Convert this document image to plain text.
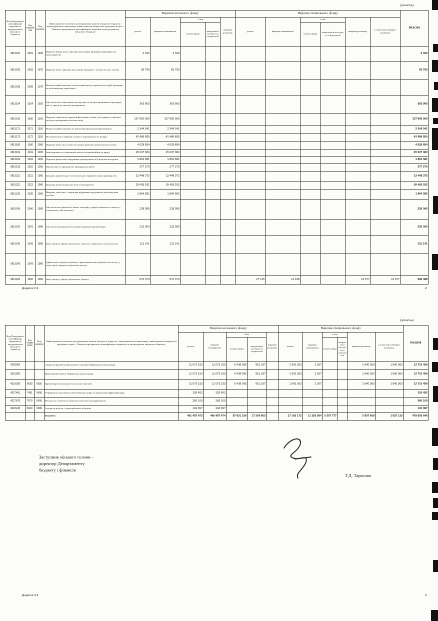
(гривень)
Код Програмної класифікації видатків та кредитування місцевого бюджету	Код ТПКВКМБ	Код ФКВКБ	Найменування головного розпорядника коштів місцевого бюджету / відповідального виконавця, найменування бюджетної програми згідно з Типовою програмною класифікацією видатків та кредитування місцевого бюджету	Видатки загального фонду					Видатки спеціального фонду						РАЗОМ

усього	видатки споживання	з них		видатки розвитку	усього	видатки споживання	з них		видатки розвитку	у тому числі бюджет розвитку	

оплата праці	комунальні послуги та енергоносії				оплата праці	комунальні послуги та енергоносії			

0813031	3031	1030	Надання інших пільг окремим категоріям громадян відповідно до законодавства	2 320	2 320										2 320

0813032	3032	1070	Надання пільг окремим категоріям громадян з оплати послуг зв'язку	65 790	65 790										65 790

0813035	3035	1070	Компенсаційні виплати за пільговий проїзд окремих категорій громадян на залізничному транспорті												

0813104	3104	1020	Забезпечення соціальними послугами за місцем проживання громадян, які не здатні до самообслуговування	363 900	363 900										363 900

0813160	3160	1010	Надання соціальних гарантій фізичним особам, які надають соціальні послуги громадянам похилого віку	137 900 000	137 900 000										137 900 000

0813171	3171	1010	Компенсаційна виплата на пільговий проїзд автотранспортом	2 344 541	2 344 541										2 344 541

0813172	3172	1010	Встановлення телефонів особам з інвалідністю I і II груп	42 486 850	42 486 850										42 486 850

0813180	3180	1060	Надання пільг населенню на оплату житлово-комунальних послуг	4 028 854	4 028 854										4 028 854

0813191	3191	1030	Інші видатки на соціальний захист ветеранів війни та праці	25 037 384	25 037 384										25 037 384

0813192	3192	1030	Надання фінансової підтримки громадським об'єднанням ветеранів	1 864 581	1 864 581										1 864 581

0813210	3210	1050	Організація та проведення громадських робіт	277 270	277 270										277 270

0813221	3221	1060	Грошова компенсація за належні для отримання жилі приміщення	12 448 372	12 448 372										12 448 372

0813222	3222	1060	Грошова компенсація для осіб з інвалідністю	26 493 532	26 493 532										26 493 532

0813230	3230	1060	Видатки, пов'язані з наданням підтримки внутрішньо переміщеним особам	1 864 582	1 864 582										1 864 582

0813240	3240	1090	Забезпечення діяльності інших закладів у сфері соціального захисту і соціального забезпечення	228 090	228 090										228 090

0813241	3241	1090	Забезпечення діяльності центрів соціальної реабілітації	232 000	232 000										232 000

0813242	3242	1090	Інші заходи у сфері соціального захисту і соціального забезпечення	121 141	121 141										121 141

0813243	3243	1090	Здійснення соціальної роботи з вразливими категоріями населення, у тому числі надання соціальних послуг												

0813400	3400	1090	Інші заходи у сфері соціального захисту	672 373	672 373				27 115	12 438			14 677	14 677	699 488
Додаток 3.3	2
(гривень)
Код Програмної класифікації видатків та кредитування місцевого бюджету	Код ТПКВКМБ	Код ФКВКБ	Найменування головного розпорядника коштів місцевого бюджету / відповідального виконавця, найменування бюджетної програми згідно з Типовою програмною класифікацією видатків та кредитування місцевого бюджету	Видатки загального фонду					Видатки спеціального фонду						РАЗОМ

усього	видатки споживання	з них		видатки розвитку	усього	видатки споживання	з них		видатки розвитку	у тому числі бюджет розвитку	

оплата праці	комунальні послуги та енергоносії				оплата праці	комунальні послуги та енергоносії			

4200000			Апарат управління (виконавчого органу) Харківської міської ради	11 073 153	11 073 153	6 438 095	951 337		1 642 303	2 307			1 640 000	1 640 000	12 715 456

4210000			Виконавчий комітет Харківської міської ради	11 073 153	11 073 153	6 438 095	951 337		1 642 303	2 307			1 640 000	1 640 000	12 715 456

4216030	6030	0620	Організація благоустрою населених пунктів	11 073 153	11 073 153	6 438 095	951 337		1 642 303	2 307			1 640 000	1 640 000	12 715 456

4217461	7461	0456	Утримання та розвиток автомобільних доріг та дорожньої інфраструктури	155 452	155 452										155 452

4217670	7670	0490	Внески до статутного капіталу суб'єктів господарювання	260 100	260 100										260 100

4218240	8240	0380	Заходи та роботи з територіальної оборони	104 397	104 397										104 397

ВСЬОГО	461 487 473	460 487 474	87 651 156	17 254 803		17 163 173	11 355 564	5 207 777		5 807 609	1 627 133	478 650 646
Заступник міського голови -
директор Департаменту
бюджету і фінансів
Т.Д. Тарасова
Додаток 3.3	3
